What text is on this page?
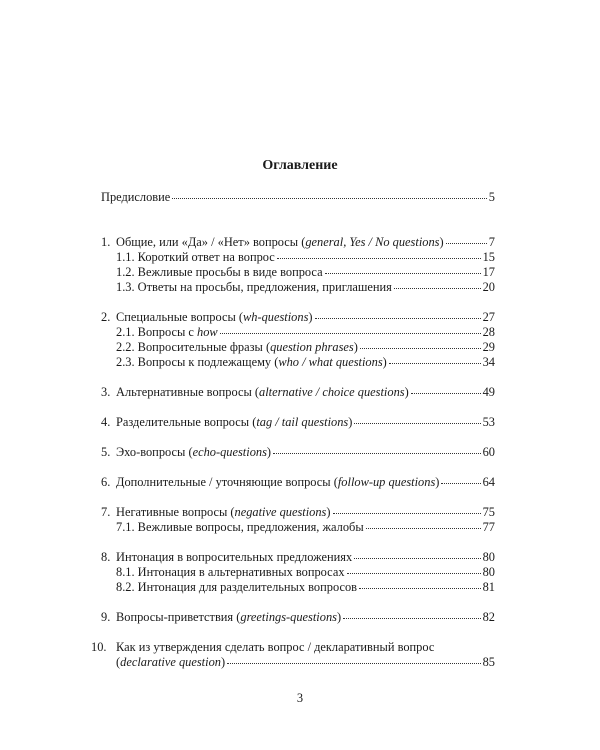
Оглавление
Предисловие	5
1. Общие, или «Да» / «Нет» вопросы (general, Yes / No questions)	7
1.1. Короткий ответ на вопрос	15
1.2. Вежливые просьбы в виде вопроса	17
1.3. Ответы на просьбы, предложения, приглашения	20
2. Специальные вопросы (wh-questions)	27
2.1. Вопросы с how	28
2.2. Вопросительные фразы (question phrases)	29
2.3. Вопросы к подлежащему (who / what questions)	34
3. Альтернативные вопросы (alternative / choice questions)	49
4. Разделительные вопросы (tag / tail questions)	53
5. Эхо-вопросы (echo-questions)	60
6. Дополнительные / уточняющие вопросы (follow-up questions)	64
7. Негативные вопросы (negative questions)	75
7.1. Вежливые вопросы, предложения, жалобы	77
8. Интонация в вопросительных предложениях	80
8.1. Интонация в альтернативных вопросах	80
8.2. Интонация для разделительных вопросов	81
9. Вопросы-приветствия (greetings-questions)	82
10. Как из утверждения сделать вопрос / декларативный вопрос
(declarative question)	85
3
